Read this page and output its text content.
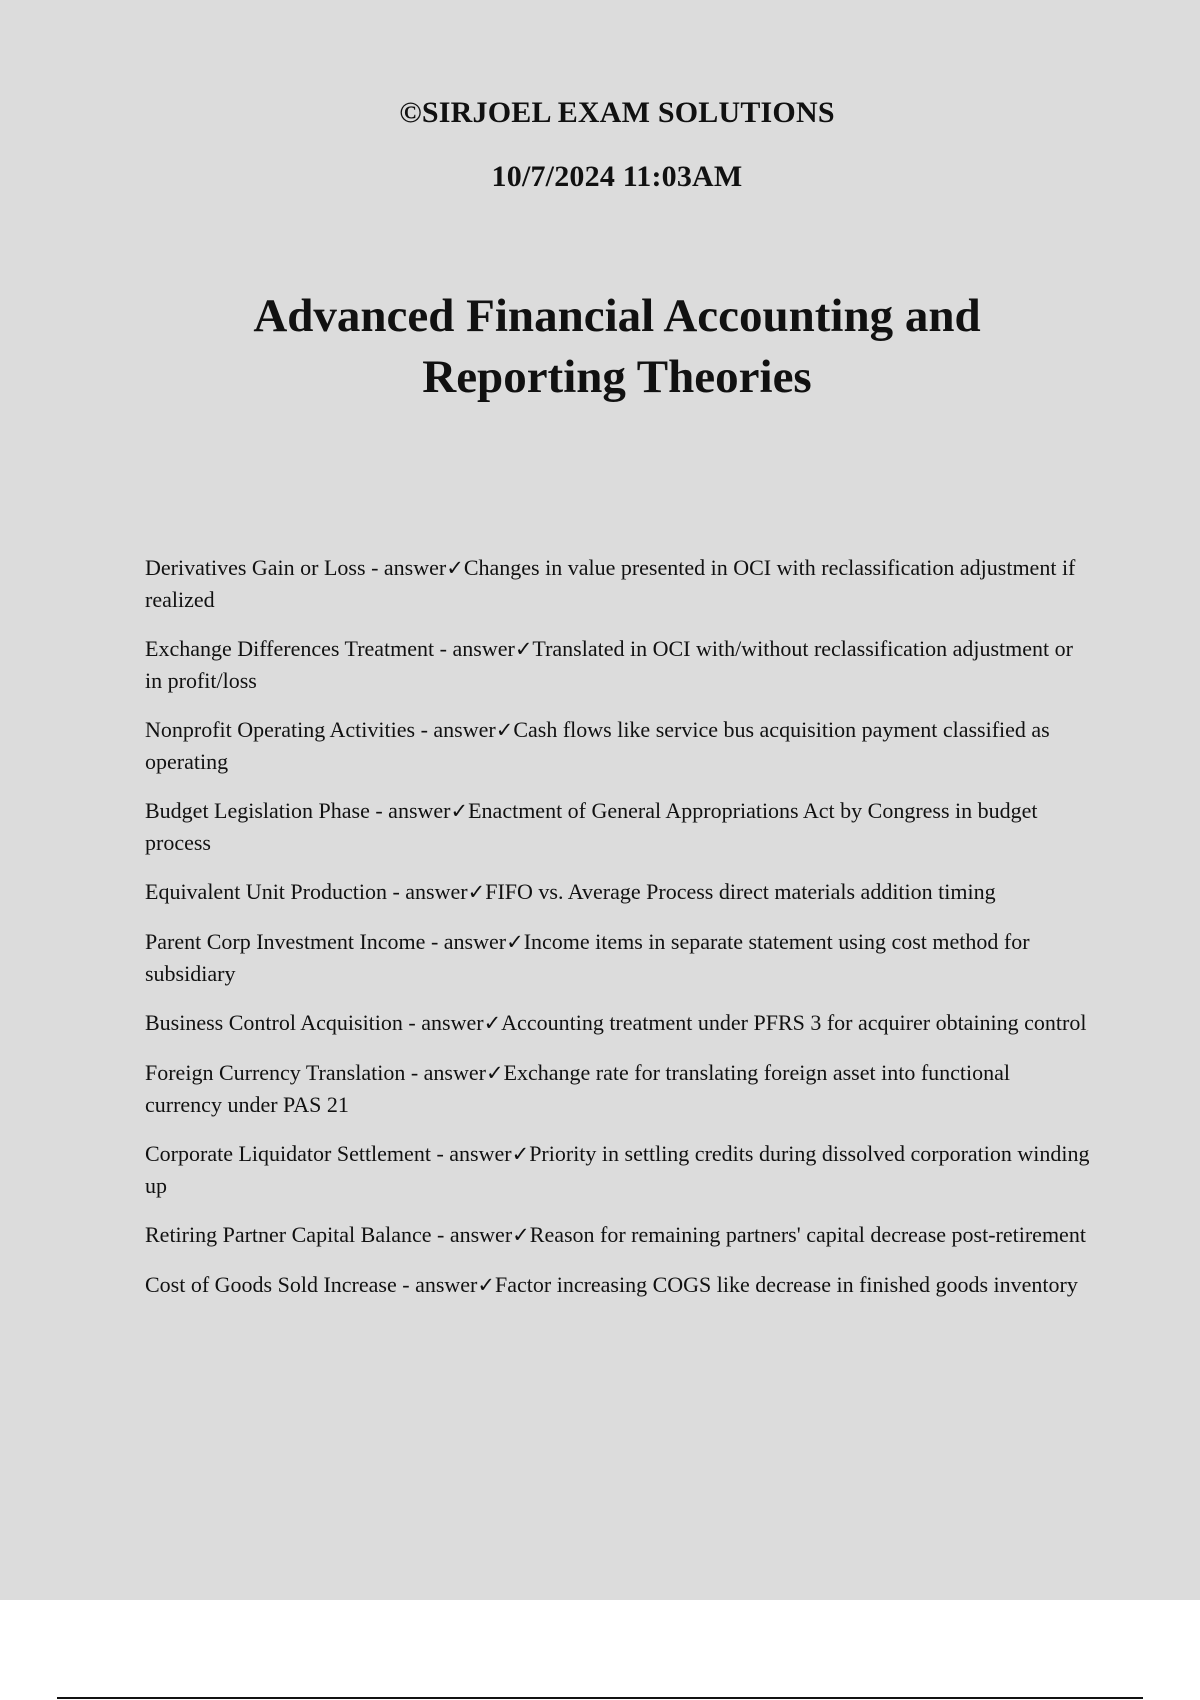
©SIRJOEL EXAM SOLUTIONS
10/7/2024 11:03AM
Advanced Financial Accounting and
Reporting Theories
Derivatives Gain or Loss - answer✓Changes in value presented in OCI with reclassification adjustment if realized
Exchange Differences Treatment - answer✓Translated in OCI with/without reclassification adjustment or in profit/loss
Nonprofit Operating Activities - answer✓Cash flows like service bus acquisition payment classified as operating
Budget Legislation Phase - answer✓Enactment of General Appropriations Act by Congress in budget process
Equivalent Unit Production - answer✓FIFO vs. Average Process direct materials addition timing
Parent Corp Investment Income - answer✓Income items in separate statement using cost method for subsidiary
Business Control Acquisition - answer✓Accounting treatment under PFRS 3 for acquirer obtaining control
Foreign Currency Translation - answer✓Exchange rate for translating foreign asset into functional currency under PAS 21
Corporate Liquidator Settlement - answer✓Priority in settling credits during dissolved corporation winding up
Retiring Partner Capital Balance - answer✓Reason for remaining partners' capital decrease post-retirement
Cost of Goods Sold Increase - answer✓Factor increasing COGS like decrease in finished goods inventory
